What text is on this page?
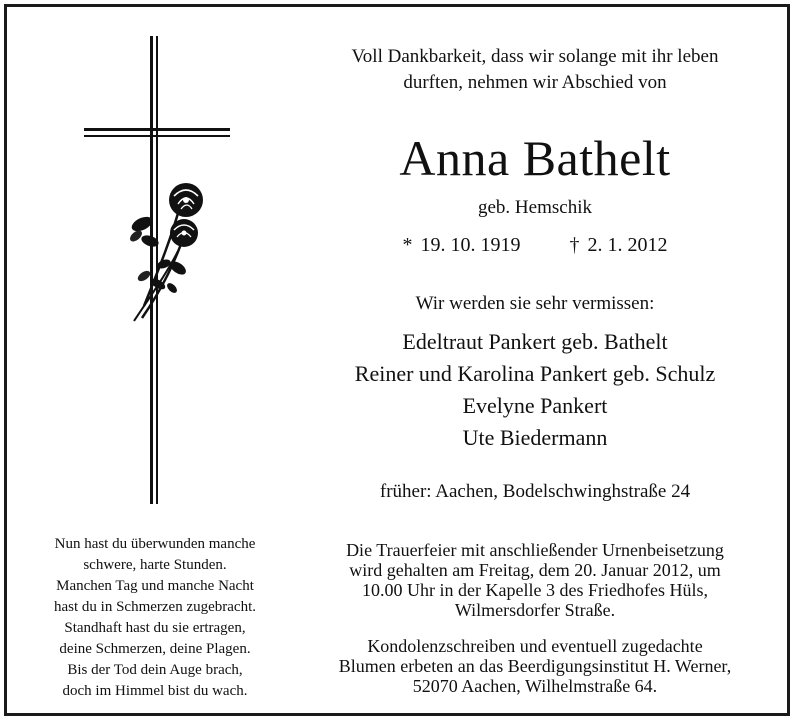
Voll Dankbarkeit, dass wir solange mit ihr leben
durften, nehmen wir Abschied von
Anna Bathelt
geb. Hemschik
* 19. 10. 1919 † 2. 1. 2012
Wir werden sie sehr vermissen:
Edeltraut Pankert geb. Bathelt
Reiner und Karolina Pankert geb. Schulz
Evelyne Pankert
Ute Biedermann
früher: Aachen, Bodelschwinghstraße 24
Die Trauerfeier mit anschließender Urnenbeisetzung
wird gehalten am Freitag, dem 20. Januar 2012, um
10.00 Uhr in der Kapelle 3 des Friedhofes Hüls,
Wilmersdorfer Straße.
Kondolenzschreiben und eventuell zugedachte
Blumen erbeten an das Beerdigungsinstitut H. Werner,
52070 Aachen, Wilhelmstraße 64.
Nun hast du überwunden manche
schwere, harte Stunden.
Manchen Tag und manche Nacht
hast du in Schmerzen zugebracht.
Standhaft hast du sie ertragen,
deine Schmerzen, deine Plagen.
Bis der Tod dein Auge brach,
doch im Himmel bist du wach.
